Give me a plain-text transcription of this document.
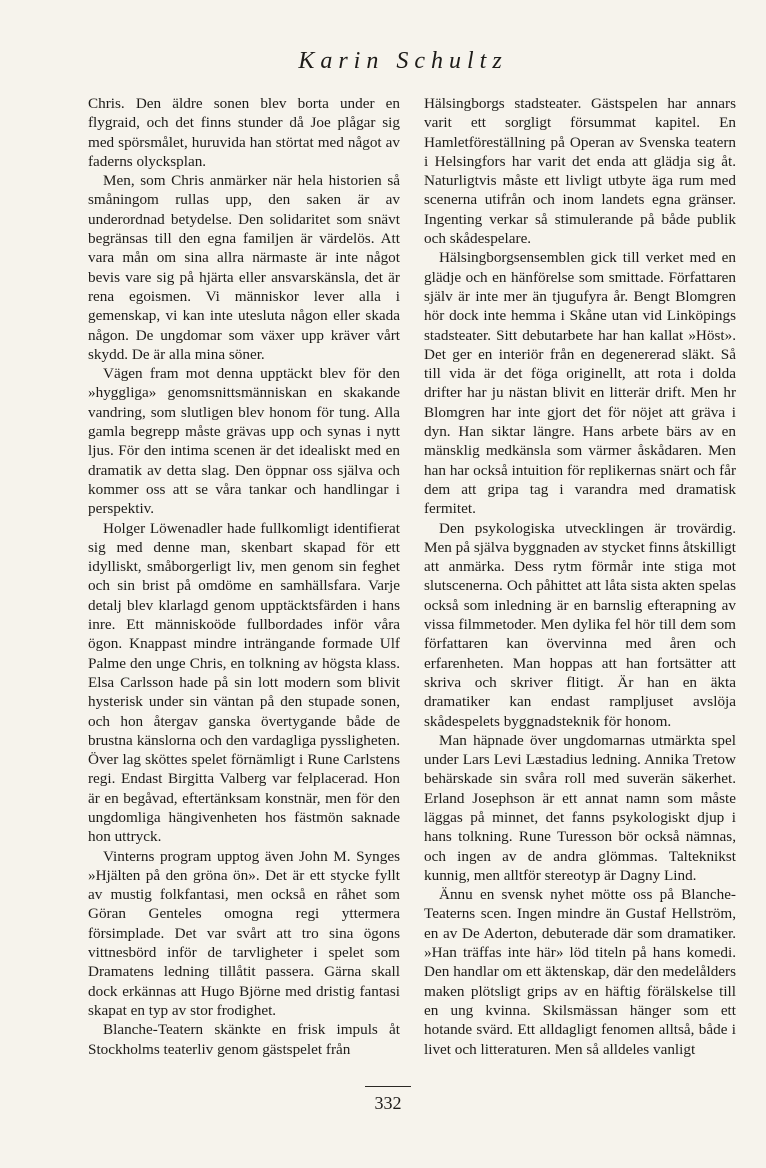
Karin Schultz

Chris. Den äldre sonen blev borta under en flygraid, och det finns stunder då Joe plågar sig med spörsmålet, huruvida han störtat med något av faderns olycksplan.

Men, som Chris anmärker när hela historien så småningom rullas upp, den saken är av underordnad betydelse. Den solidaritet som snävt begränsas till den egna familjen är värdelös. Att vara mån om sina allra närmaste är inte något bevis vare sig på hjärta eller ansvarskänsla, det är rena egoismen. Vi människor lever alla i gemenskap, vi kan inte utesluta någon eller skada någon. De ungdomar som växer upp kräver vårt skydd. De är alla mina söner.

Vägen fram mot denna upptäckt blev för den »hyggliga» genomsnittsmänniskan en skakande vandring, som slutligen blev honom för tung. Alla gamla begrepp måste grävas upp och synas i nytt ljus. För den intima scenen är det idealiskt med en dramatik av detta slag. Den öppnar oss själva och kommer oss att se våra tankar och handlingar i perspektiv.

Holger Löwenadler hade fullkomligt identifierat sig med denne man, skenbart skapad för ett idylliskt, småborgerligt liv, men genom sin feghet och sin brist på omdöme en samhällsfara. Varje detalj blev klarlagd genom upptäcktsfärden i hans inre. Ett människoöde fullbordades inför våra ögon. Knappast mindre inträngande formade Ulf Palme den unge Chris, en tolkning av högsta klass. Elsa Carlsson hade på sin lott modern som blivit hysterisk under sin väntan på den stupade sonen, och hon återgav ganska övertygande både de brustna känslorna och den vardagliga pyssligheten. Över lag sköttes spelet förnämligt i Rune Carlstens regi. Endast Birgitta Valberg var felplacerad. Hon är en begåvad, eftertänksam konstnär, men för den ungdomliga hängivenheten hos fästmön saknade hon uttryck.

Vinterns program upptog även John M. Synges »Hjälten på den gröna ön». Det är ett stycke fyllt av mustig folkfantasi, men också en råhet som Göran Genteles omogna regi yttermera försimplade. Det var svårt att tro sina ögons vittnesbörd inför de tarvligheter i spelet som Dramatens ledning tillåtit passera. Gärna skall dock erkännas att Hugo Björne med dristig fantasi skapat en typ av stor frodighet.

Blanche-Teatern skänkte en frisk impuls åt Stockholms teaterliv genom gästspelet från

Hälsingborgs stadsteater. Gästspelen har annars varit ett sorgligt försummat kapitel. En Hamletföreställning på Operan av Svenska teatern i Helsingfors har varit det enda att glädja sig åt. Naturligtvis måste ett livligt utbyte äga rum med scenerna utifrån och inom landets egna gränser. Ingenting verkar så stimulerande på både publik och skådespelare.

Hälsingborgsensemblen gick till verket med en glädje och en hänförelse som smittade. Författaren själv är inte mer än tjugufyra år. Bengt Blomgren hör dock inte hemma i Skåne utan vid Linköpings stadsteater. Sitt debutarbete har han kallat »Höst». Det ger en interiör från en degenererad släkt. Så till vida är det föga originellt, att rota i dolda drifter har ju nästan blivit en litterär drift. Men hr Blomgren har inte gjort det för nöjet att gräva i dyn. Han siktar längre. Hans arbete bärs av en mänsklig medkänsla som värmer åskådaren. Men han har också intuition för replikernas snärt och får dem att gripa tag i varandra med dramatisk fermitet.

Den psykologiska utvecklingen är trovärdig. Men på själva byggnaden av stycket finns åtskilligt att anmärka. Dess rytm förmår inte stiga mot slutscenerna. Och påhittet att låta sista akten spelas också som inledning är en barnslig efterapning av vissa filmmetoder. Men dylika fel hör till dem som författaren kan övervinna med åren och erfarenheten. Man hoppas att han fortsätter att skriva och skriver flitigt. Är han en äkta dramatiker kan endast rampljuset avslöja skådespelets byggnadsteknik för honom.

Man häpnade över ungdomarnas utmärkta spel under Lars Levi Læstadius ledning. Annika Tretow behärskade sin svåra roll med suverän säkerhet. Erland Josephson är ett annat namn som måste läggas på minnet, det fanns psykologiskt djup i hans tolkning. Rune Turesson bör också nämnas, och ingen av de andra glömmas. Talteknikst kunnig, men alltför stereotyp är Dagny Lind.

Ännu en svensk nyhet mötte oss på Blanche-Teaterns scen. Ingen mindre än Gustaf Hellström, en av De Aderton, debuterade där som dramatiker. »Han träffas inte här» löd titeln på hans komedi. Den handlar om ett äktenskap, där den medelålders maken plötsligt grips av en häftig förälskelse till en ung kvinna. Skilsmässan hänger som ett hotande svärd. Ett alldagligt fenomen alltså, både i livet och litteraturen. Men så alldeles vanligt

332
